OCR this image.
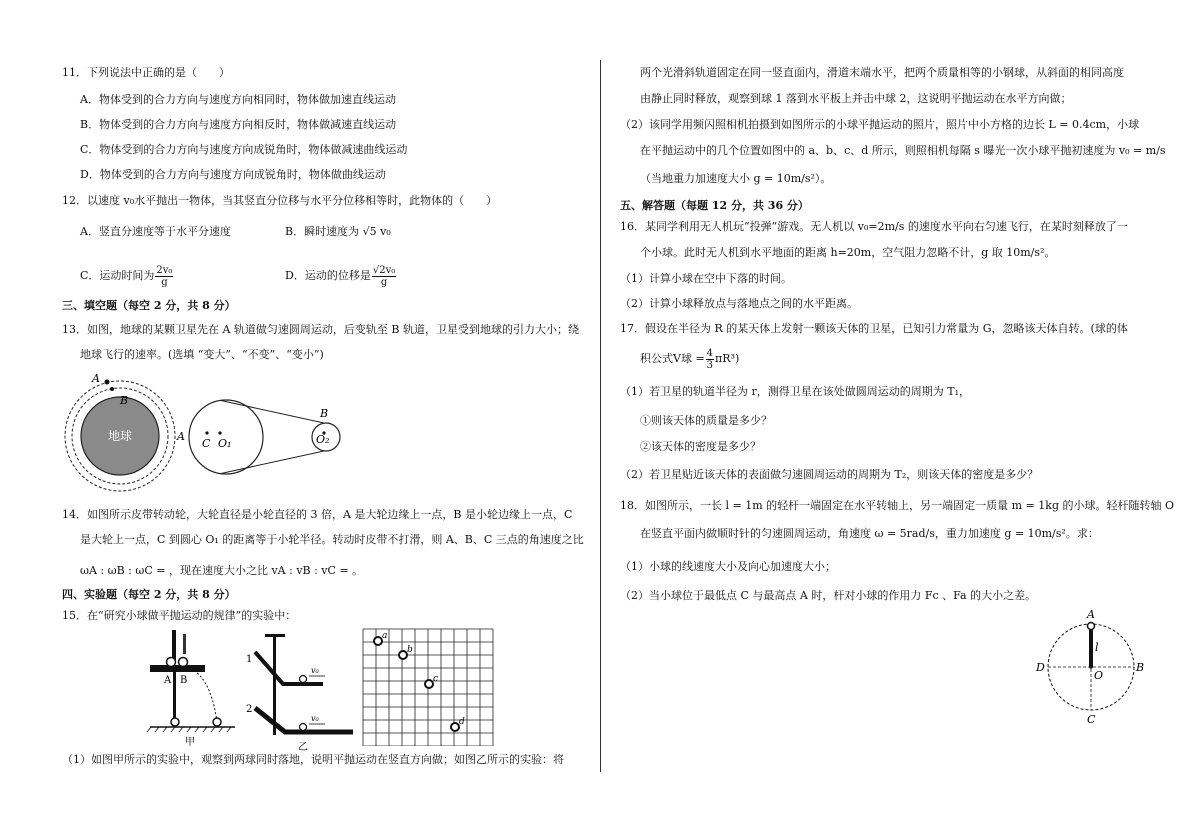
11．下列说法中正确的是（　　）
A．物体受到的合力方向与速度方向相同时，物体做加速直线运动
B．物体受到的合力方向与速度方向相反时，物体做减速直线运动
C．物体受到的合力方向与速度方向成锐角时，物体做减速曲线运动
D．物体受到的合力方向与速度方向成锐角时，物体做曲线运动
12．以速度 v₀水平抛出一物体，当其竖直分位移与水平分位移相等时，此物体的（　　）
A．竖直分速度等于水平分速度	B．瞬时速度为 √5 v₀
C．运动时间为 $\frac{\text{2v₀}}{g}$	D．运动的位移是 $\frac{\text{√2v₀}}{g}$
三、填空题（每空 2 分，共 8 分）
13．如图，地球的某颗卫星先在 A 轨道做匀速圆周运动，后变轨至 B 轨道，卫星受到地球的引力大小；绕
地球飞行的速率。(选填 “变大”、“不变”、“变小”)
地球
A
B
A
C O₁
B
O₂
14．如图所示皮带转动轮，大轮直径是小轮直径的 3 倍，A 是大轮边缘上一点，B 是小轮边缘上一点，C
是大轮上一点，C 到圆心 O₁ 的距离等于小轮半径。转动时皮带不打滑，则 A、B、C 三点的角速度之比
ωA : ωB : ωC = ，现在速度大小之比 vA : vB : vC = 。
四、实验题（每空 2 分，共 8 分）
15．在“研究小球做平抛运动的规律”的实验中：
A B
甲
v₀
v₀
1
2
乙
a
b
c
d
（1）如图甲所示的实验中，观察到两球同时落地，说明平抛运动在竖直方向做；如图乙所示的实验：将
两个光滑斜轨道固定在同一竖直面内，滑道末端水平，把两个质量相等的小钢球，从斜面的相同高度
由静止同时释放，观察到球 1 落到水平板上并击中球 2，这说明平抛运动在水平方向做；
（2）该同学用频闪照相机拍摄到如图所示的小球平抛运动的照片，照片中小方格的边长 L = 0.4cm，小球
在平抛运动中的几个位置如图中的 a、b、c、d 所示，则照相机每隔 s 曝光一次小球平抛初速度为 v₀ = m/s
（当地重力加速度大小 g = 10m/s²）。
五、解答题（每题 12 分，共 36 分）
16．某同学利用无人机玩“投弹”游戏。无人机以 v₀=2m/s 的速度水平向右匀速飞行，在某时刻释放了一
个小球。此时无人机到水平地面的距离 h=20m，空气阻力忽略不计，g 取 10m/s²。
（1）计算小球在空中下落的时间。
（2）计算小球释放点与落地点之间的水平距离。
17．假设在半径为 R 的某天体上发射一颗该天体的卫星，已知引力常量为 G，忽略该天体自转。(球的体
积公式V球 = $\frac{4}{3} \pi R^3$)
（1）若卫星的轨道半径为 r，测得卫星在该处做圆周运动的周期为 T₁，
①则该天体的质量是多少？
②该天体的密度是多少？
（2）若卫星贴近该天体的表面做匀速圆周运动的周期为 T₂，则该天体的密度是多少？
18．如图所示，一长 l = 1m 的轻杆一端固定在水平转轴上，另一端固定一质量 m = 1kg 的小球。轻杆随转轴 O
在竖直平面内做顺时针的匀速圆周运动，角速度 ω = 5rad/s，重力加速度 g = 10m/s²。求：
（1）小球的线速度大小及向心加速度大小；
（2）当小球位于最低点 C 与最高点 A 时，杆对小球的作用力 Fc 、Fa 的大小之差。
A
B
C
D
O
l
